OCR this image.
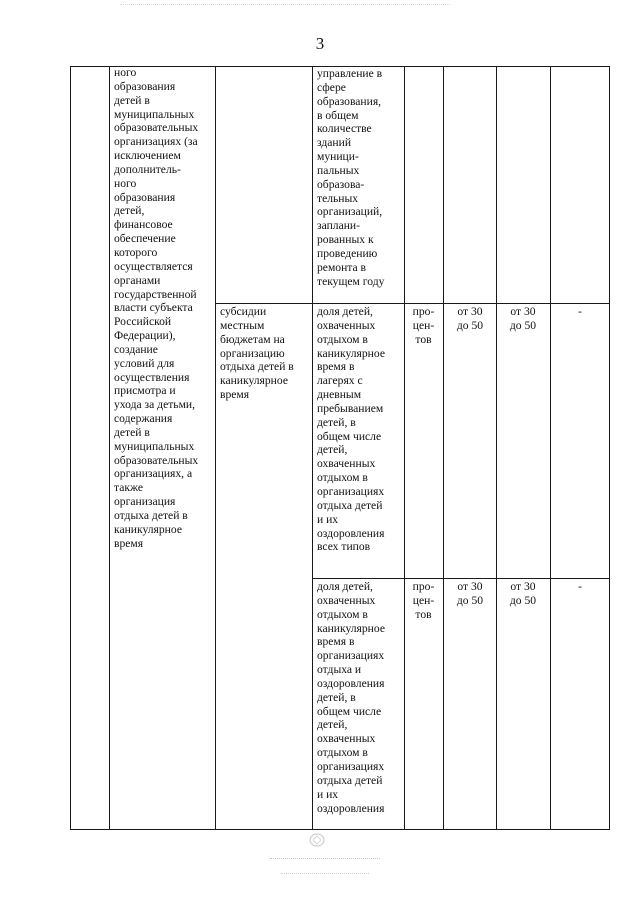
3
ного
образования
детей в
муниципальных
образовательных
организациях (за
исключением
дополнитель-
ного
образования
детей,
финансовое
обеспечение
которого
осуществляется
органами
государственной
власти субъекта
Российской
Федерации),
создание
условий для
осуществления
присмотра и
ухода за детьми,
содержания
детей в
муниципальных
образовательных
организациях, а
также
организация
отдыха детей в
каникулярное
время
управление в
сфере
образования,
в общем
количестве
зданий
муници-
пальных
образова-
тельных
организаций,
заплани-
рованных к
проведению
ремонта в
текущем году
субсидии
местным
бюджетам на
организацию
отдыха детей в
каникулярное
время
доля детей,
охваченных
отдыхом в
каникулярное
время в
лагерях с
дневным
пребыванием
детей, в
общем числе
детей,
охваченных
отдыхом в
организациях
отдыха детей
и их
оздоровления
всех типов
про-
цен-
тов
от 30
до 50
от 30
до 50
-
доля детей,
охваченных
отдыхом в
каникулярное
время в
организациях
отдыха и
оздоровления
детей, в
общем числе
детей,
охваченных
отдыхом в
организациях
отдыха детей
и их
оздоровления
про-
цен-
тов
от 30
до 50
от 30
до 50
-
